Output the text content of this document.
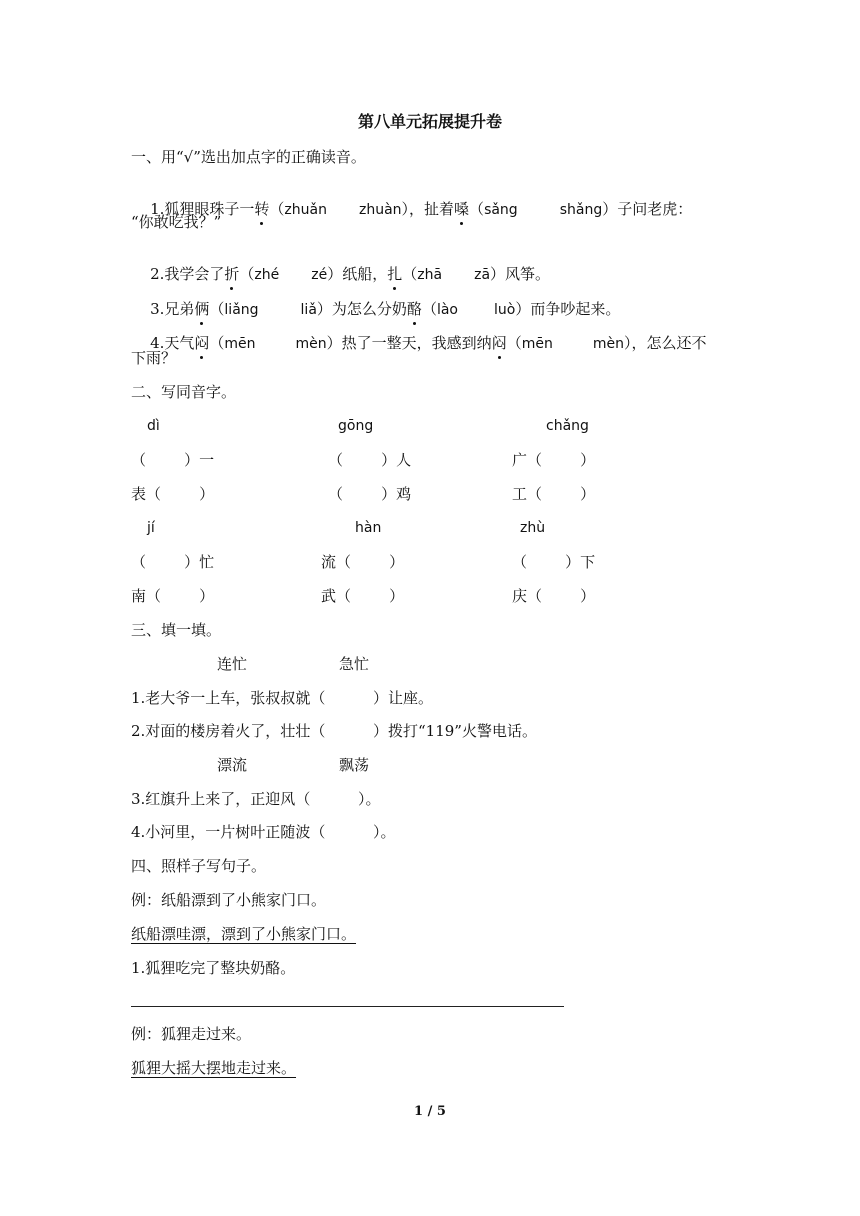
第八单元拓展提升卷
一、用“√”选出加点字的正确读音。

1.狐狸眼珠子一转（zhuǎn zhuàn），扯着嗓（sǎng	shǎng）子问老虎：

“你敢吃我？”

2.我学会了折（zhé zé）纸船，扎（zhā zā）风筝。

3.兄弟俩（liǎng	liǎ）为怎么分奶酪（lào	luò）而争吵起来。

4.天气闷（mēn	mèn）热了一整天，我感到纳闷（mēn	mèn），怎么还不

下雨？
二、写同音字。
dì	gōng	chǎng
（        ）一	（        ）人	广（        ）
表（        ）	（        ）鸡	工（        ）
jí	hàn	zhù
（        ）忙	流（        ）	（        ）下
南（        ）	武（        ）	庆（        ）
三、填一填。
连忙	急忙
1.老大爷一上车，张叔叔就（          ）让座。
2.对面的楼房着火了，壮壮（          ）拨打“119”火警电话。
漂流	飘荡
3.红旗升上来了，正迎风（          ）。
4.小河里，一片树叶正随波（          ）。
四、照样子写句子。
例：纸船漂到了小熊家门口。
纸船漂哇漂，漂到了小熊家门口。
1.狐狸吃完了整块奶酪。
例：狐狸走过来。
狐狸大摇大摆地走过来。
1 / 5
